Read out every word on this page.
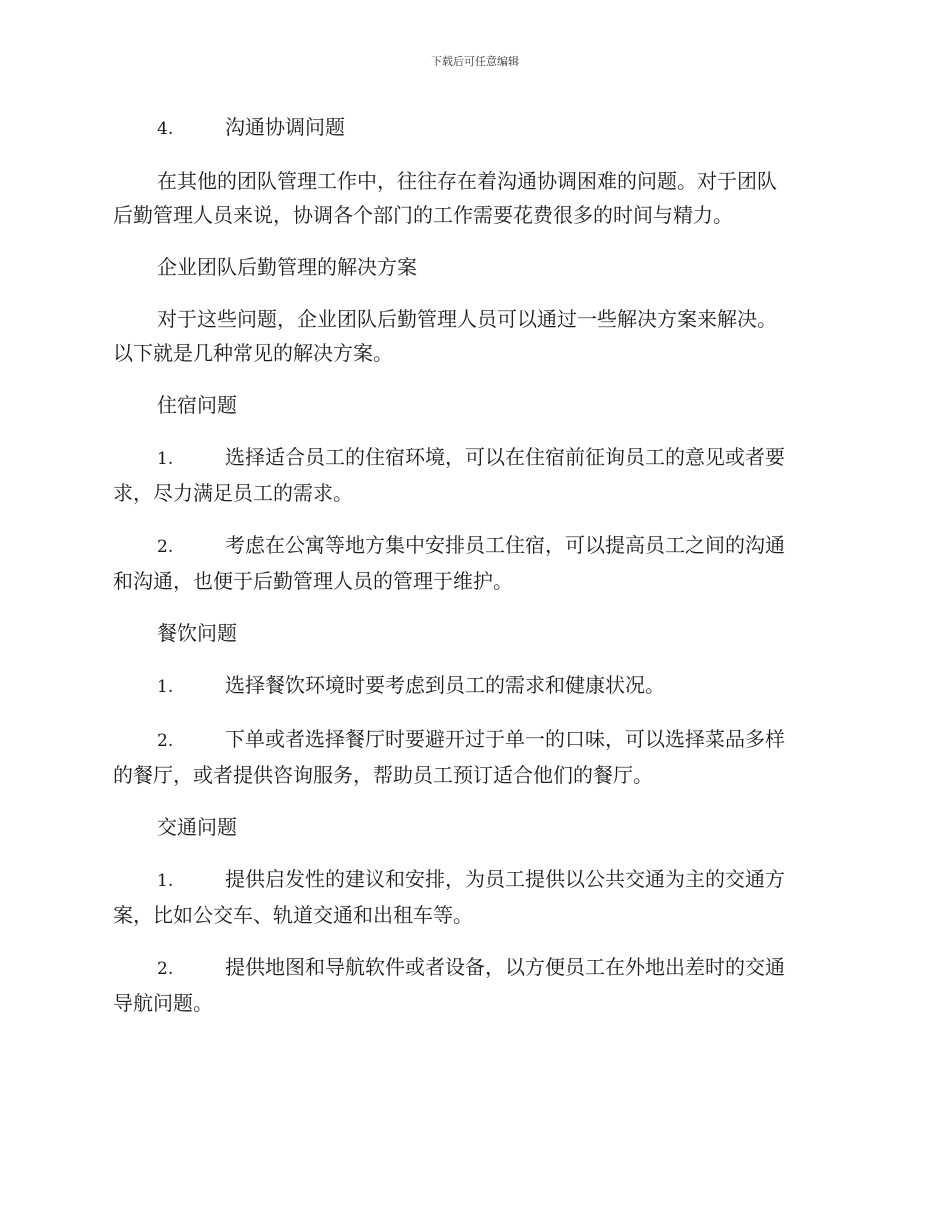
下载后可任意编辑
4.	沟通协调问题
在其他的团队管理工作中，往往存在着沟通协调困难的问题。对于团队
后勤管理人员来说，协调各个部门的工作需要花费很多的时间与精力。
企业团队后勤管理的解决方案
对于这些问题，企业团队后勤管理人员可以通过一些解决方案来解决。
以下就是几种常见的解决方案。
住宿问题
1.	选择适合员工的住宿环境，可以在住宿前征询员工的意见或者要
求，尽力满足员工的需求。
2.	考虑在公寓等地方集中安排员工住宿，可以提高员工之间的沟通
和沟通，也便于后勤管理人员的管理于维护。
餐饮问题
1.	选择餐饮环境时要考虑到员工的需求和健康状况。
2.	下单或者选择餐厅时要避开过于单一的口味，可以选择菜品多样
的餐厅，或者提供咨询服务，帮助员工预订适合他们的餐厅。
交通问题
1.	提供启发性的建议和安排，为员工提供以公共交通为主的交通方
案，比如公交车、轨道交通和出租车等。
2.	提供地图和导航软件或者设备，以方便员工在外地出差时的交通
导航问题。
